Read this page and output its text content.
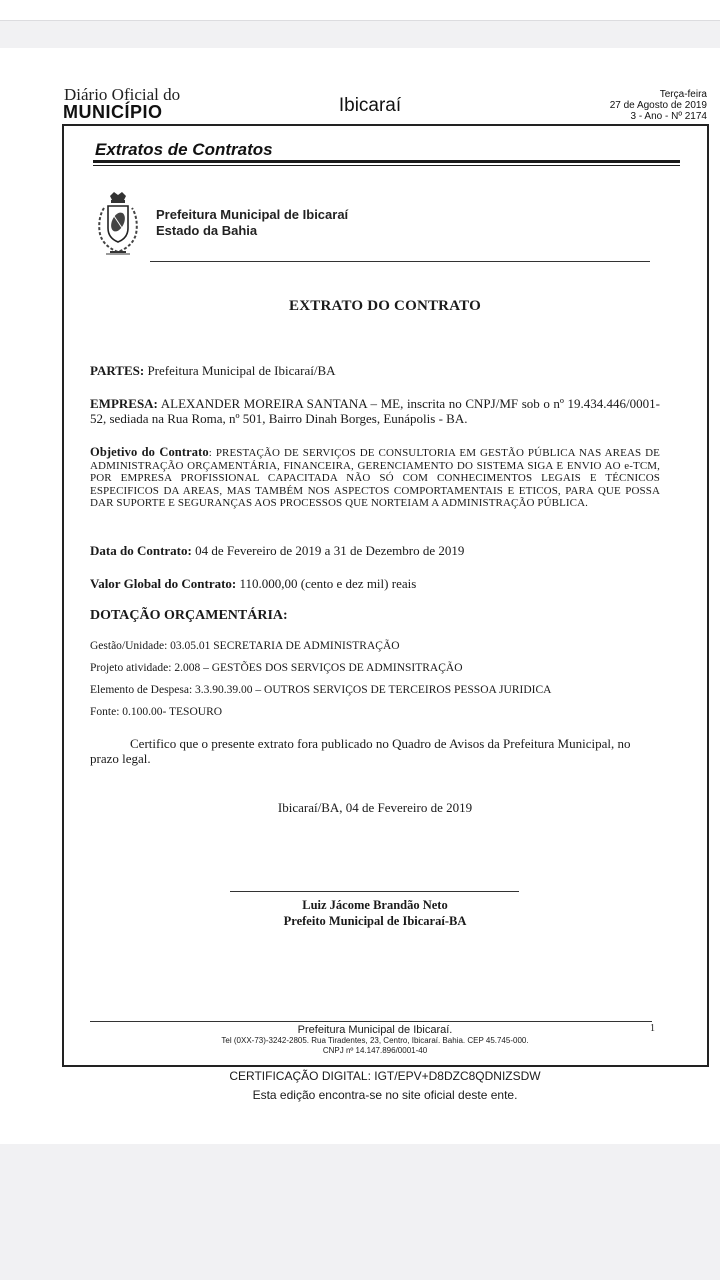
Diário Oficial do
MUNICÍPIO	Ibicaraí
Terça-feira
27 de Agosto de 2019
3 - Ano - Nº 2174
Extratos de Contratos
Prefeitura Municipal de Ibicaraí
Estado da Bahia
EXTRATO DO CONTRATO
PARTES: Prefeitura Municipal de Ibicaraí/BA
EMPRESA: ALEXANDER MOREIRA SANTANA – ME, inscrita no CNPJ/MF sob o nº 19.434.446/0001-52, sediada na Rua Roma, nº 501, Bairro Dinah Borges, Eunápolis - BA.
Objetivo do Contrato: PRESTAÇÃO DE SERVIÇOS DE CONSULTORIA EM GESTÃO PÚBLICA NAS AREAS DE ADMINISTRAÇÃO ORÇAMENTÁRIA, FINANCEIRA, GERENCIAMENTO DO SISTEMA SIGA E ENVIO AO e-TCM, POR EMPRESA PROFISSIONAL CAPACITADA NÃO SÓ COM CONHECIMENTOS LEGAIS E TÉCNICOS ESPECIFICOS DA AREAS, MAS TAMBÉM NOS ASPECTOS COMPORTAMENTAIS E ETICOS, PARA QUE POSSA DAR SUPORTE E SEGURANÇAS AOS PROCESSOS QUE NORTEIAM A ADMINISTRAÇÃO PÚBLICA.
Data do Contrato: 04 de Fevereiro de 2019 a 31 de Dezembro de 2019
Valor Global do Contrato: 110.000,00 (cento e dez mil) reais
DOTAÇÃO ORÇAMENTÁRIA:
Gestão/Unidade: 03.05.01 SECRETARIA DE ADMINISTRAÇÃO
Projeto atividade: 2.008 – GESTÕES DOS SERVIÇOS DE ADMINSITRAÇÃO
Elemento de Despesa: 3.3.90.39.00 – OUTROS SERVIÇOS DE TERCEIROS PESSOA JURIDICA
Fonte: 0.100.00- TESOURO
Certifico que o presente extrato fora publicado no Quadro de Avisos da Prefeitura Municipal, no prazo legal.
Ibicaraí/BA, 04 de Fevereiro de 2019
Luiz Jácome Brandão Neto
Prefeito Municipal de Ibicaraí-BA
Prefeitura Municipal de Ibicaraí.
Tel (0XX-73)-3242-2805. Rua Tiradentes, 23, Centro, Ibicaraí. Bahia. CEP 45.745-000.
CNPJ nº 14.147.896/0001-40
1
CERTIFICAÇÃO DIGITAL: IGT/EPV+D8DZC8QDNIZSDW
Esta edição encontra-se no site oficial deste ente.
